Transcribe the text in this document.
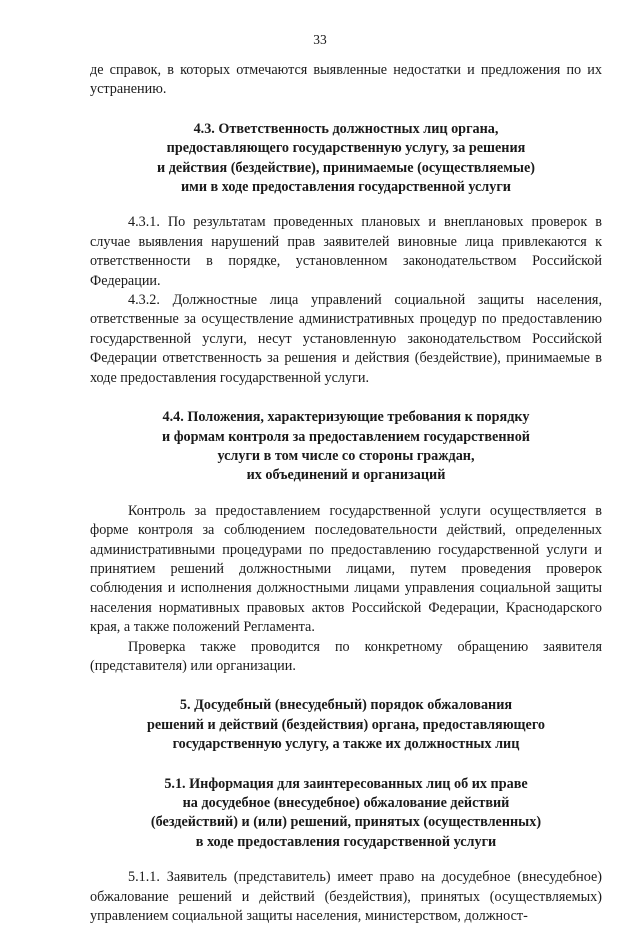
33

де справок, в которых отмечаются выявленные недостатки и предложения по их устранению.

4.3. Ответственность должностных лиц органа,
предоставляющего государственную услугу, за решения
и действия (бездействие), принимаемые (осуществляемые)
ими в ходе предоставления государственной услуги

4.3.1. По результатам проведенных плановых и внеплановых проверок в случае выявления нарушений прав заявителей виновные лица привлекаются к ответственности в порядке, установленном законодательством Российской Федерации.

4.3.2. Должностные лица управлений социальной защиты населения, ответственные за осуществление административных процедур по предоставлению государственной услуги, несут установленную законодательством Российской Федерации ответственность за решения и действия (бездействие), принимаемые в ходе предоставления государственной услуги.

4.4. Положения, характеризующие требования к порядку
и формам контроля за предоставлением государственной
услуги в том числе со стороны граждан,
их объединений и организаций

Контроль за предоставлением государственной услуги осуществляется в форме контроля за соблюдением последовательности действий, определенных административными процедурами по предоставлению государственной услуги и принятием решений должностными лицами, путем проведения проверок соблюдения и исполнения должностными лицами управления социальной защиты населения нормативных правовых актов Российской Федерации, Краснодарского края, а также положений Регламента.

Проверка также проводится по конкретному обращению заявителя (представителя) или организации.

5. Досудебный (внесудебный) порядок обжалования
решений и действий (бездействия) органа, предоставляющего
государственную услугу, а также их должностных лиц
5.1. Информация для заинтересованных лиц об их праве
на досудебное (внесудебное) обжалование действий
(бездействий) и (или) решений, принятых (осуществленных)
в ходе предоставления государственной услуги

5.1.1. Заявитель (представитель) имеет право на досудебное (внесудебное) обжалование решений и действий (бездействия), принятых (осуществляемых) управлением социальной защиты населения, министерством, должност-
